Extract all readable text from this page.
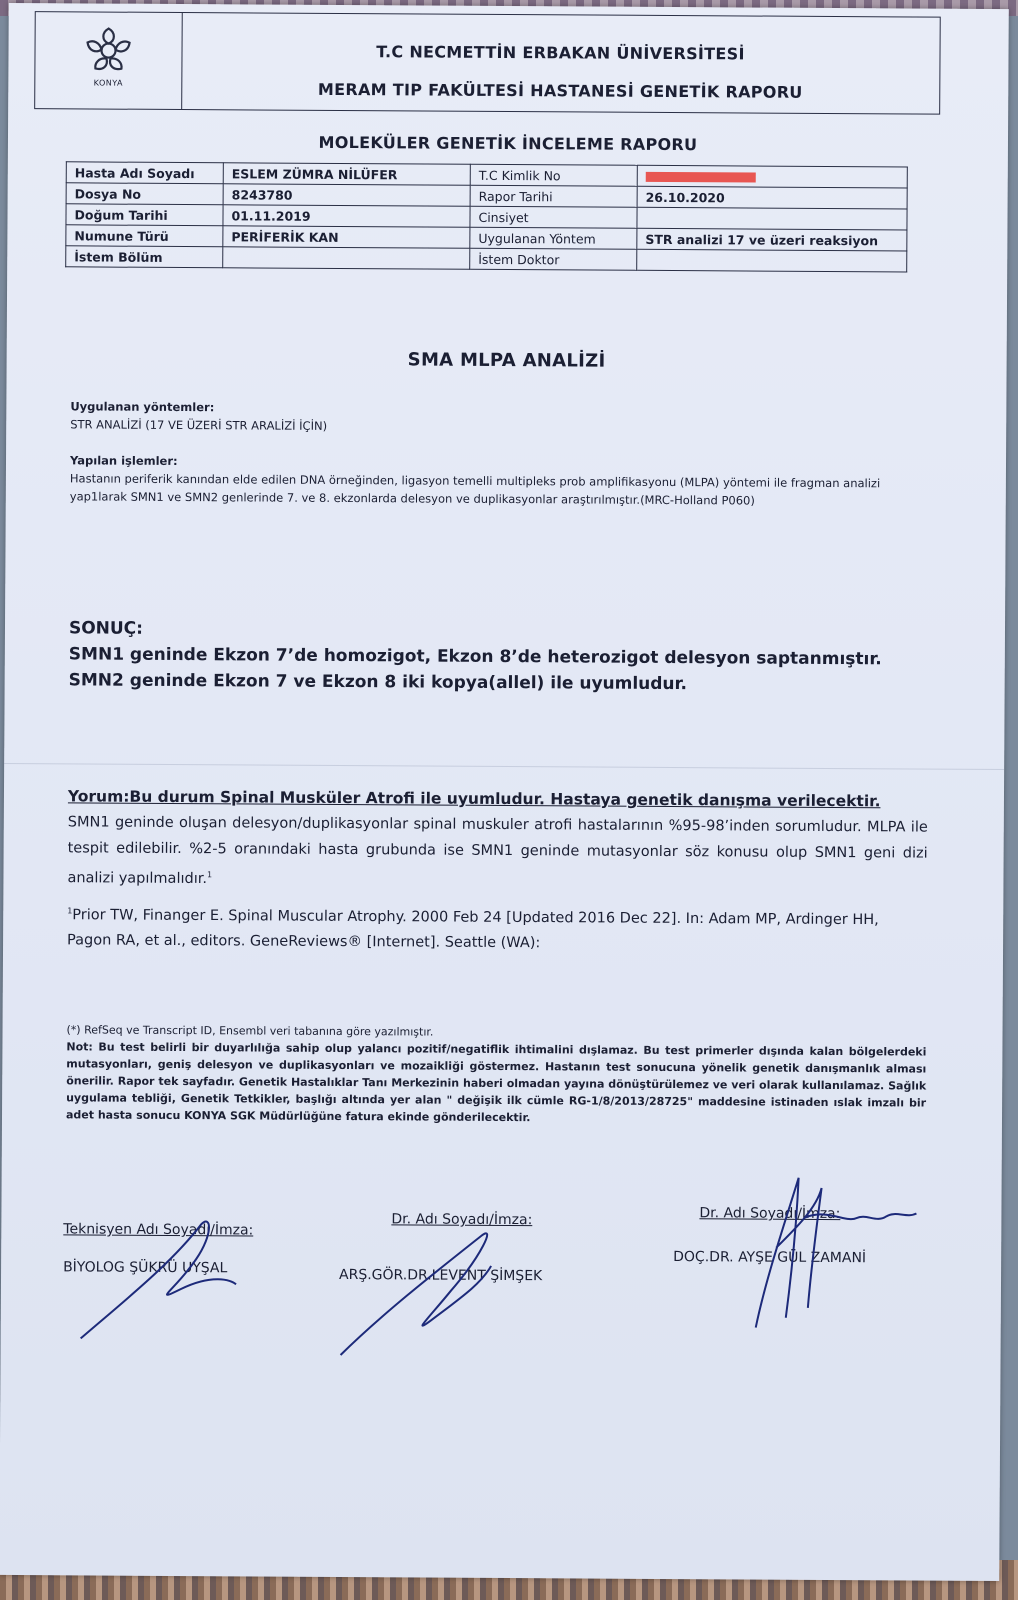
KONYA
T.C NECMETTİN ERBAKAN ÜNİVERSİTESİ
MERAM TIP FAKÜLTESİ HASTANESİ GENETİK RAPORU
MOLEKÜLER GENETİK İNCELEME RAPORU
Hasta Adı Soyadı	ESLEM ZÜMRA NİLÜFER	T.C Kimlik No	
Dosya No	8243780	Rapor Tarihi	26.10.2020
Doğum Tarihi	01.11.2019	Cinsiyet	
Numune Türü	PERİFERİK KAN	Uygulanan Yöntem	STR analizi 17 ve üzeri reaksiyon
İstem Bölüm		İstem Doktor	
SMA MLPA ANALİZİ
Uygulanan yöntemler:
STR ANALİZİ (17 VE ÜZERİ STR ARALİZİ İÇİN)
Yapılan işlemler:
Hastanın periferik kanından elde edilen DNA örneğinden, ligasyon temelli multipleks prob amplifikasyonu (MLPA) yöntemi ile fragman analizi yap1larak SMN1 ve SMN2 genlerinde 7. ve 8. ekzonlarda delesyon ve duplikasyonlar araştırılmıştır.(MRC-Holland P060)
SONUÇ:
SMN1 geninde Ekzon 7’de homozigot, Ekzon 8’de heterozigot delesyon saptanmıştır.
SMN2 geninde Ekzon 7 ve Ekzon 8 iki kopya(allel) ile uyumludur.
Yorum:Bu durum Spinal Musküler Atrofi ile uyumludur. Hastaya genetik danışma verilecektir.
SMN1 geninde oluşan delesyon/duplikasyonlar spinal muskuler atrofi hastalarının %95-98’inden sorumludur. MLPA ile tespit edilebilir. %2-5 oranındaki hasta grubunda ise SMN1 geninde mutasyonlar söz konusu olup SMN1 geni dizi analizi yapılmalıdır.$^1$
$^1$Prior TW, Finanger E. Spinal Muscular Atrophy. 2000 Feb 24 [Updated 2016 Dec 22]. In: Adam MP, Ardinger HH, Pagon RA, et al., editors. GeneReviews® [Internet]. Seattle (WA):
(*) RefSeq ve Transcript ID, Ensembl veri tabanına göre yazılmıştır.
Not: Bu test belirli bir duyarlılığa sahip olup yalancı pozitif/negatiflik ihtimalini dışlamaz. Bu test primerler dışında kalan bölgelerdeki mutasyonları, geniş delesyon ve duplikasyonları ve mozaikliği göstermez. Hastanın test sonucuna yönelik genetik danışmanlık alması önerilir. Rapor tek sayfadır. Genetik Hastalıklar Tanı Merkezinin haberi olmadan yayına dönüştürülemez ve veri olarak kullanılamaz. Sağlık uygulama tebliği, Genetik Tetkikler, başlığı altında yer alan " değişik ilk cümle RG-1/8/2013/28725" maddesine istinaden ıslak imzalı bir adet hasta sonucu KONYA SGK Müdürlüğüne fatura ekinde gönderilecektir.
Teknisyen Adı Soyadı/İmza:
BİYOLOG ŞÜKRÜ UYŞAL
Dr. Adı Soyadı/İmza:
ARŞ.GÖR.DR.LEVENT ŞİMŞEK
Dr. Adı Soyadı/İmza:
DOÇ.DR. AYŞE GÜL ZAMANİ
